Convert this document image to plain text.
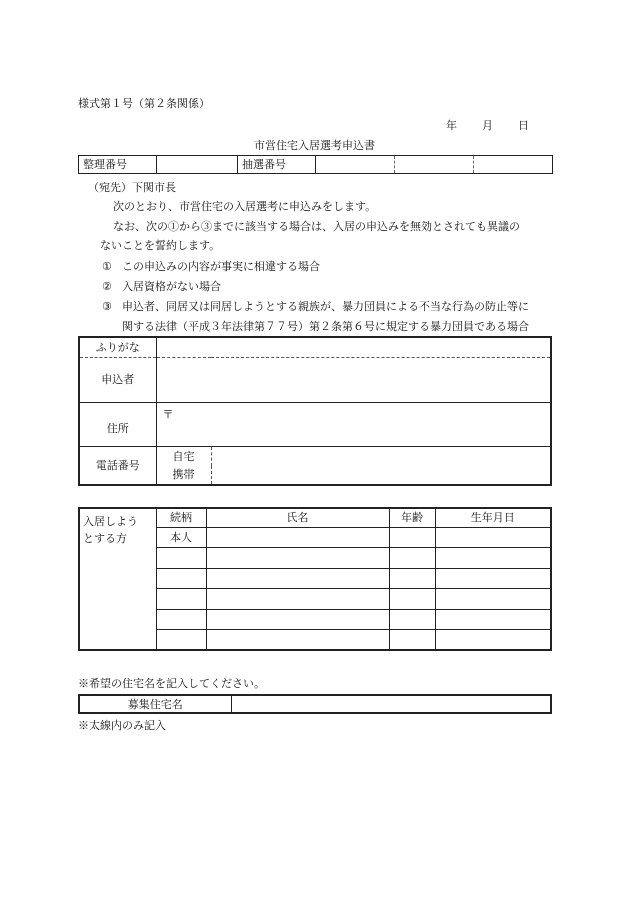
様式第１号（第２条関係）
年 月 日
市営住宅入居選考申込書
整理番号		抽選番号			
（宛先）下関市長
次のとおり、市営住宅の入居選考に申込みをします。
なお、次の①から③までに該当する場合は、入居の申込みを無効とされても異議の
ないことを誓約します。
① この申込みの内容が事実に相違する場合
② 入居資格がない場合
③ 申込者、同居又は同居しようとする親族が、暴力団員による不当な行為の防止等に
関する法律（平成３年法律第７７号）第２条第６号に規定する暴力団員である場合
ふりがな		
申込者		
住所	〒	
電話番号	自宅	
	携帯	
入居しよう
とする方	続柄	氏名	年齢	生年月日
	本人			

※希望の住宅名を記入してください。
募集住宅名	
※太線内のみ記入
